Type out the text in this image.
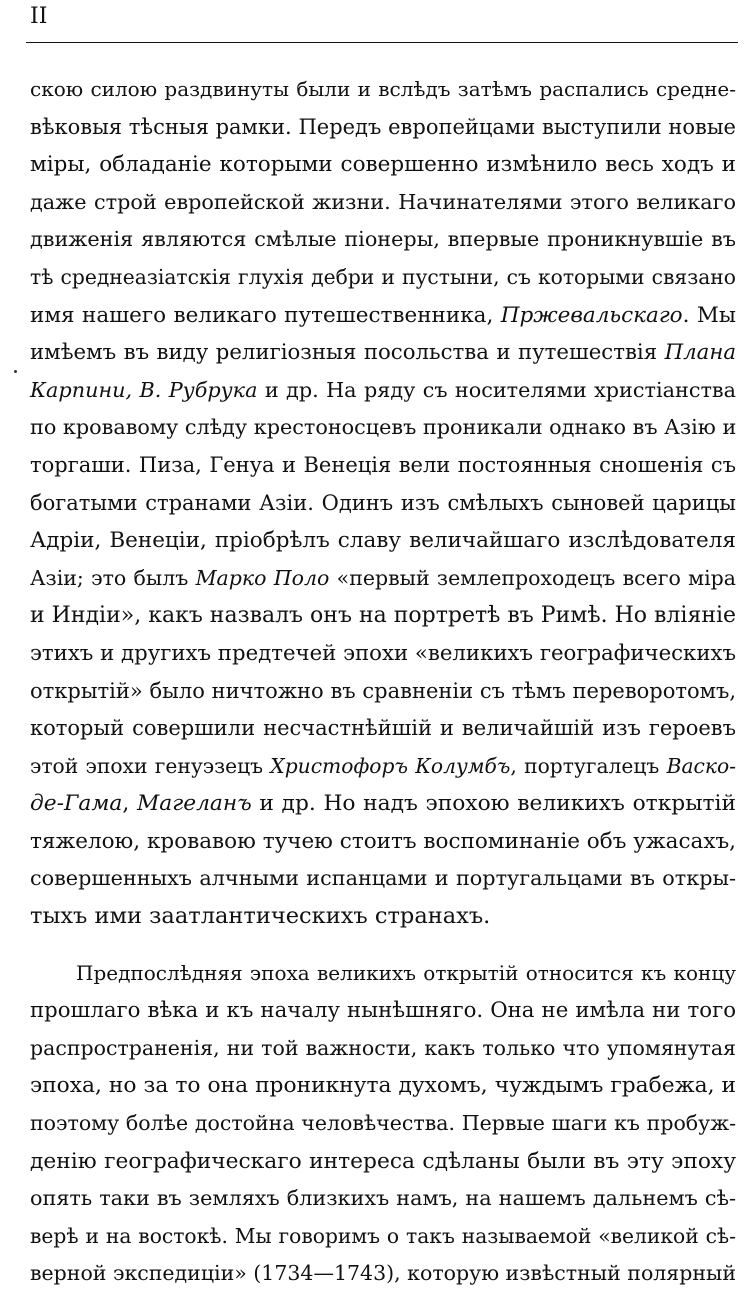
II
скою силою раздвинуты были и вслѣдъ затѣмъ распались средне-
вѣковыя тѣсныя рамки. Передъ европейцами выступили новые
міры, обладаніе которыми совершенно измѣнило весь ходъ и
даже строй европейской жизни. Начинателями этого великаго
движенія являются смѣлые піонеры, впервые проникнувшіе въ
тѣ среднеазіатскія глухія дебри и пустыни, съ которыми связано
имя нашего великаго путешественника, Пржевальскаго. Мы
имѣемъ въ виду религіозныя посольства и путешествія Плана
Карпини, В. Рубрука и др. На ряду съ носителями христіанства
по кровавому слѣду крестоносцевъ проникали однако въ Азію и
торгаши. Пиза, Генуа и Венеція вели постоянныя сношенія съ
богатыми странами Азіи. Одинъ изъ смѣлыхъ сыновей царицы
Адріи, Венеціи, пріобрѣлъ славу величайшаго изслѣдователя
Азіи; это былъ Марко Поло «первый землепроходецъ всего міра
и Индіи», какъ назвалъ онъ на портретѣ въ Римѣ. Но вліяніе
этихъ и другихъ предтечей эпохи «великихъ географическихъ
открытій» было ничтожно въ сравненіи съ тѣмъ переворотомъ,
который совершили несчастнѣйшій и величайшій изъ героевъ
этой эпохи генуэзецъ Христофоръ Колумбъ, португалецъ Васко-
де-Гама, Магеланъ и др. Но надъ эпохою великихъ открытій
тяжелою, кровавою тучею стоитъ воспоминаніе объ ужасахъ,
совершенныхъ алчными испанцами и португальцами въ откры-
тыхъ ими заатлантическихъ странахъ.
Предпослѣдняя эпоха великихъ открытій относится къ концу
прошлаго вѣка и къ началу нынѣшняго. Она не имѣла ни того
распространенія, ни той важности, какъ только что упомянутая
эпоха, но за то она проникнута духомъ, чуждымъ грабежа, и
поэтому болѣе достойна человѣчества. Первые шаги къ пробуж-
денію географическаго интереса сдѣланы были въ эту эпоху
опять таки въ земляхъ близкихъ намъ, на нашемъ дальнемъ сѣ-
верѣ и на востокѣ. Мы говоримъ о такъ называемой «великой сѣ-
верной экспедиціи» (1734—1743), которую извѣстный полярный
